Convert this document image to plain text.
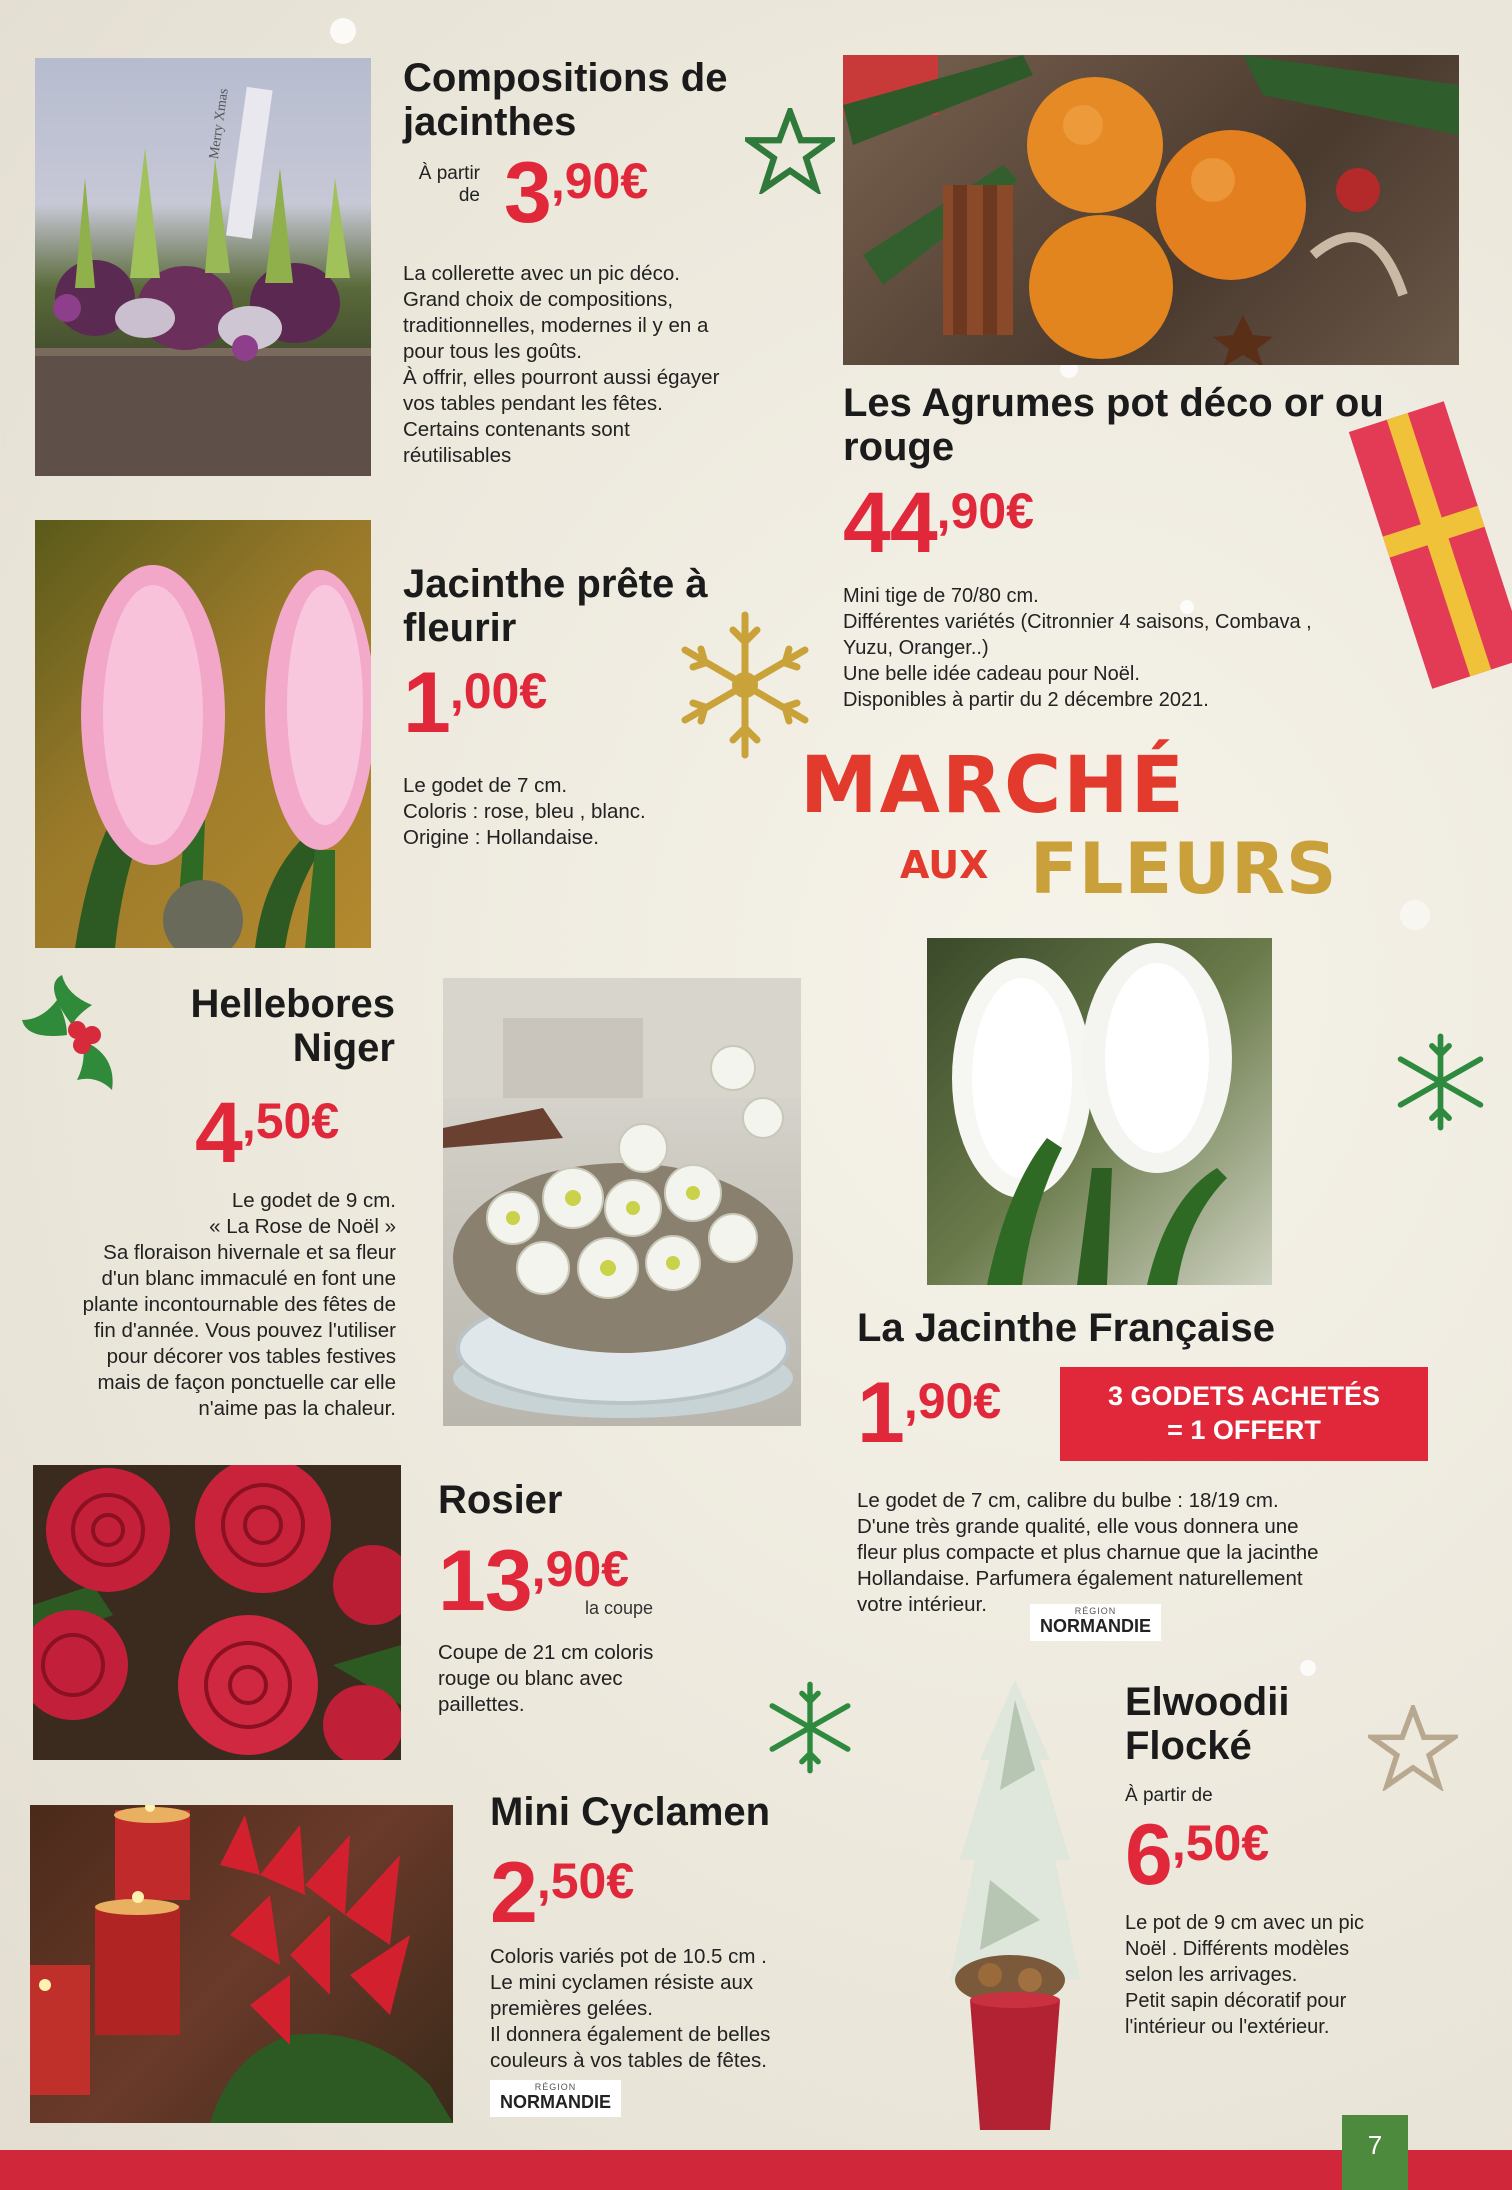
Merry Xmas
Compositions de jacinthes
À partir de 3,90€
La collerette avec un pic déco.
Grand choix de compositions,
traditionnelles, modernes il y en a
pour tous les goûts.
À offrir, elles pourront aussi égayer
vos tables pendant les fêtes.
Certains contenants sont
réutilisables
Les Agrumes pot déco or ou rouge
44,90€
Mini tige de 70/80 cm.
Différentes variétés (Citronnier 4 saisons, Combava ,
Yuzu, Oranger..)
Une belle idée cadeau pour Noël.
Disponibles à partir du 2 décembre 2021.
Jacinthe prête à fleurir
1,00€
Le godet de 7 cm.
Coloris : rose, bleu , blanc.
Origine : Hollandaise.
MARCHÉ
AUX FLEURS
Hellebores
Niger
4,50€
Le godet de 9 cm.
« La Rose de Noël »
Sa floraison hivernale et sa fleur
d'un blanc immaculé en font une
plante incontournable des fêtes de
fin d'année. Vous pouvez l'utiliser
pour décorer vos tables festives
mais de façon ponctuelle car elle
n'aime pas la chaleur.
La Jacinthe Française
1,90€	3 GODETS ACHETÉS
= 1 OFFERT
Le godet de 7 cm, calibre du bulbe : 18/19 cm.
D'une très grande qualité, elle vous donnera une
fleur plus compacte et plus charnue que la jacinthe
Hollandaise. Parfumera également naturellement
votre intérieur.	RÉGION
NORMANDIE
Rosier
13,90€
la coupe
Coupe de 21 cm coloris
rouge ou blanc avec
paillettes.	Elwoodii
Flocké
À partir de
6,50€
Le pot de 9 cm avec un pic
Noël . Différents modèles
selon les arrivages.
Petit sapin décoratif pour
l'intérieur ou l'extérieur.
Mini Cyclamen
2,50€
Coloris variés pot de 10.5 cm .
Le mini cyclamen résiste aux
premières gelées.
Il donnera également de belles
couleurs à vos tables de fêtes.
RÉGION
NORMANDIE
7
